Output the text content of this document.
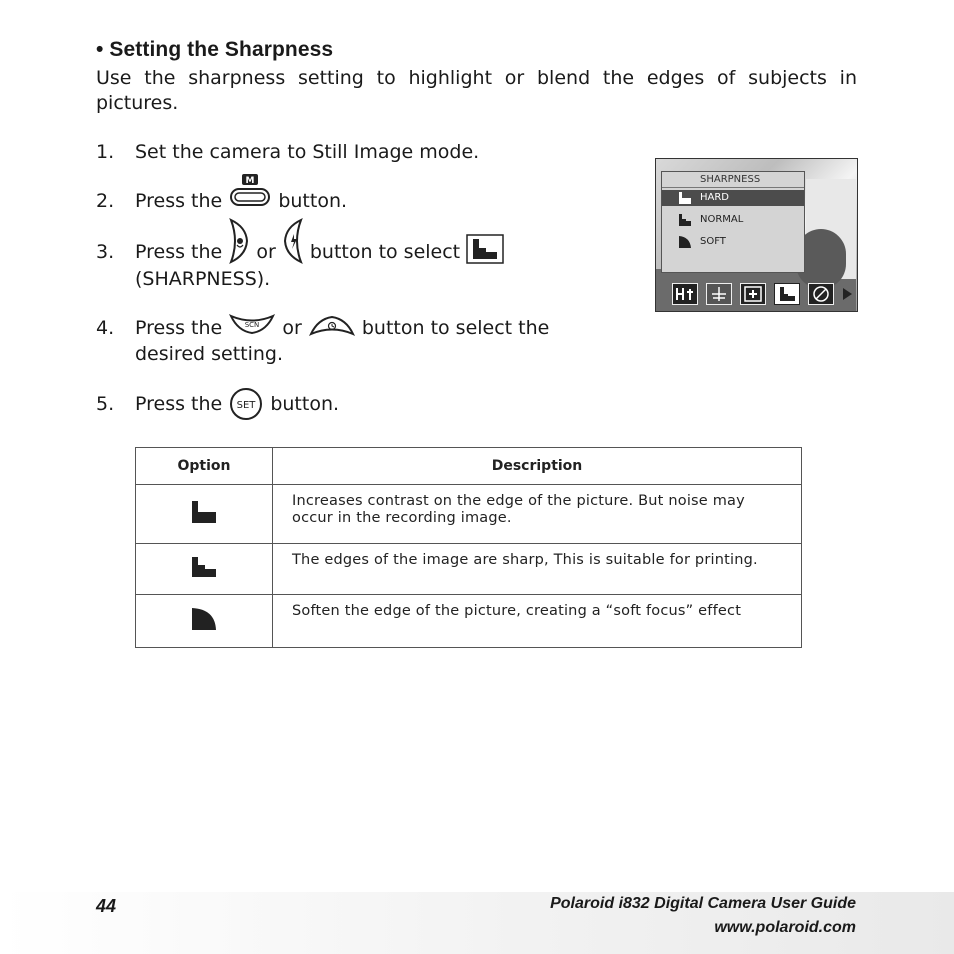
• Setting the Sharpness

Use the sharpness setting to highlight or blend the edges of subjects in pictures.

1. Set the camera to Still Image mode.
2. Press the
M
button.
3. Press the or button to select

(SHARPNESS).
4. Press the	SCN or	button to select the
desired setting.
5. Press the SET button.
SHARPNESS
HARD
NORMAL
SOFT
Option	Description
	Increases contrast on the edge of the picture. But noise may occur in the recording image.
	The edges of the image are sharp, This is suitable for printing.
	Soften the edge of the picture, creating a “soft focus” effect
44	Polaroid i832 Digital Camera User Guide
www.polaroid.com
